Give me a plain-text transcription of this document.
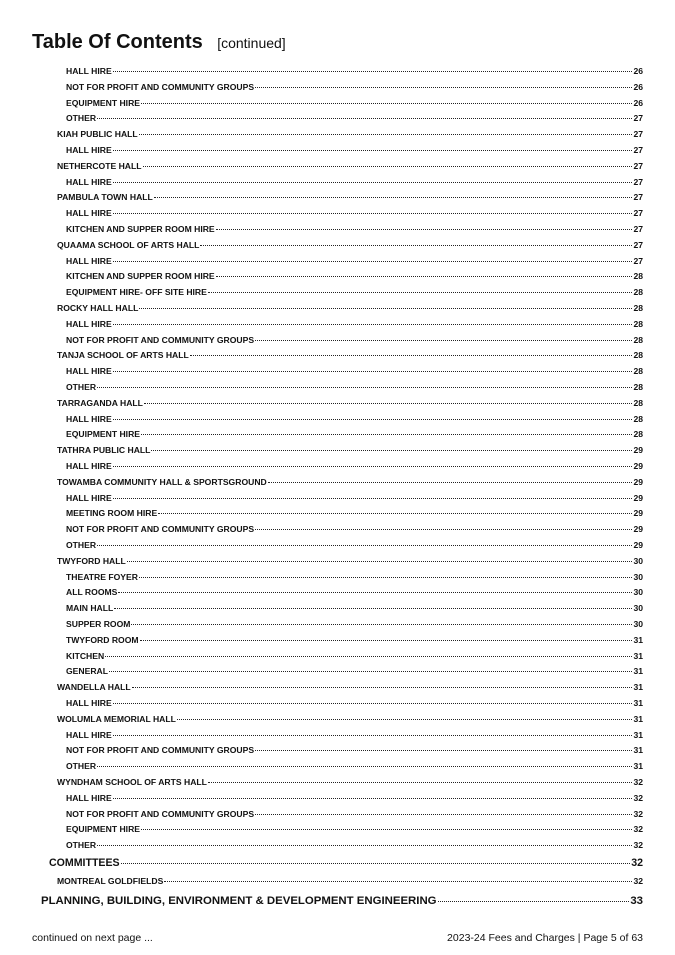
Table Of Contents [continued]
HALL HIRE	26
NOT FOR PROFIT AND COMMUNITY GROUPS	26
EQUIPMENT HIRE	26
OTHER	27
KIAH PUBLIC HALL	27
HALL HIRE	27
NETHERCOTE HALL	27
HALL HIRE	27
PAMBULA TOWN HALL	27
HALL HIRE	27
KITCHEN AND SUPPER ROOM HIRE	27
QUAAMA SCHOOL OF ARTS HALL	27
HALL HIRE	27
KITCHEN AND SUPPER ROOM HIRE	28
EQUIPMENT HIRE- OFF SITE HIRE	28
ROCKY HALL HALL	28
HALL HIRE	28
NOT FOR PROFIT AND COMMUNITY GROUPS	28
TANJA SCHOOL OF ARTS HALL	28
HALL HIRE	28
OTHER	28
TARRAGANDA HALL	28
HALL HIRE	28
EQUIPMENT HIRE	28
TATHRA PUBLIC HALL	29
HALL HIRE	29
TOWAMBA COMMUNITY HALL & SPORTSGROUND	29
HALL HIRE	29
MEETING ROOM HIRE	29
NOT FOR PROFIT AND COMMUNITY GROUPS	29
OTHER	29
TWYFORD HALL	30
THEATRE FOYER	30
ALL ROOMS	30
MAIN HALL	30
SUPPER ROOM	30
TWYFORD ROOM	31
KITCHEN	31
GENERAL	31
WANDELLA HALL	31
HALL HIRE	31
WOLUMLA MEMORIAL HALL	31
HALL HIRE	31
NOT FOR PROFIT AND COMMUNITY GROUPS	31
OTHER	31
WYNDHAM SCHOOL OF ARTS HALL	32
HALL HIRE	32
NOT FOR PROFIT AND COMMUNITY GROUPS	32
EQUIPMENT HIRE	32
OTHER	32
COMMITTEES	32
MONTREAL GOLDFIELDS	32
PLANNING, BUILDING, ENVIRONMENT & DEVELOPMENT ENGINEERING	33
continued on next page ...	2023-24 Fees and Charges | Page 5 of 63
